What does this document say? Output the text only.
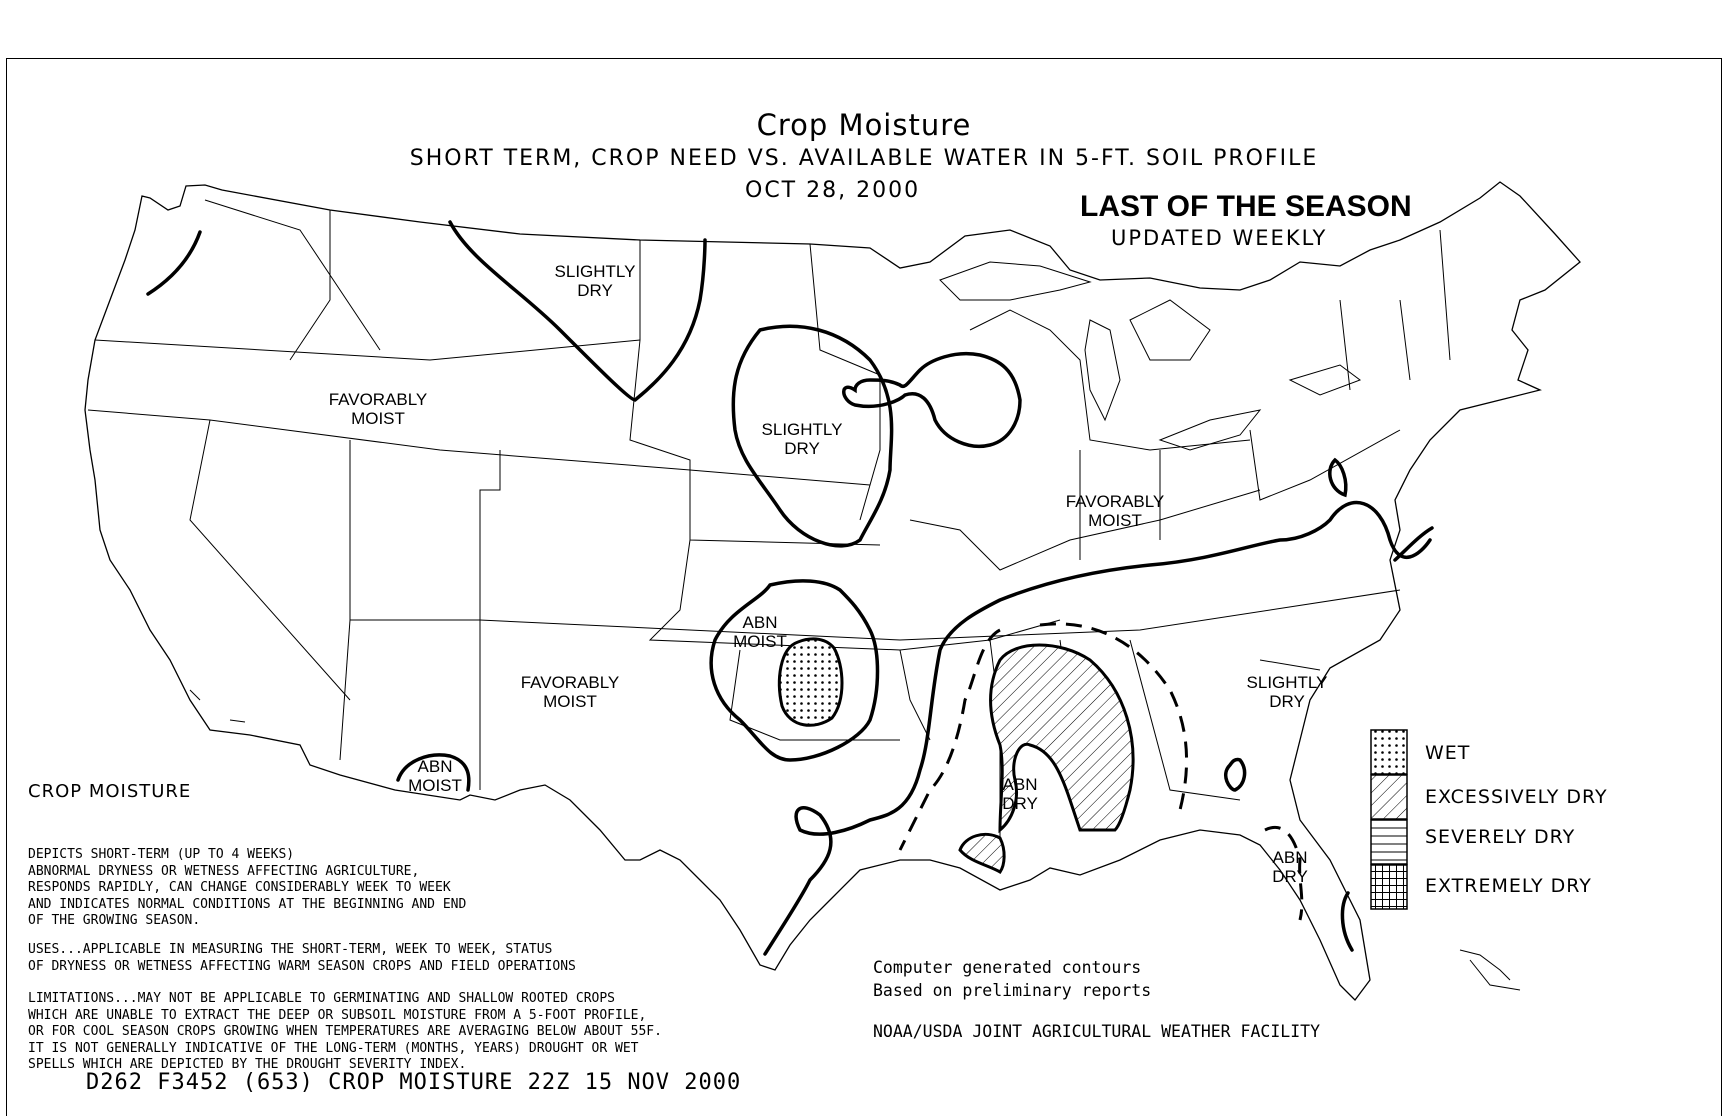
Crop Moisture
SHORT TERM, CROP NEED VS. AVAILABLE WATER IN 5-FT. SOIL PROFILE
OCT 28, 2000	LAST OF THE SEASON
UPDATED WEEKLY
SLIGHTLY
DRY
FAVORABLY
MOIST
SLIGHTLY
DRY
FAVORABLY
MOIST
ABN
MOIST
FAVORABLY
MOIST
ABN
MOIST	ABN
DRY
SLIGHTLY
DRY
ABN
DRY
WET
EXCESSIVELY DRY
SEVERELY DRY
EXTREMELY DRY
CROP MOISTURE

DEPICTS SHORT-TERM (UP TO 4 WEEKS)
ABNORMAL DRYNESS OR WETNESS AFFECTING AGRICULTURE,
RESPONDS RAPIDLY, CAN CHANGE CONSIDERABLY WEEK TO WEEK
AND INDICATES NORMAL CONDITIONS AT THE BEGINNING AND END
OF THE GROWING SEASON.

USES...APPLICABLE IN MEASURING THE SHORT-TERM, WEEK TO WEEK, STATUS
OF DRYNESS OR WETNESS AFFECTING WARM SEASON CROPS AND FIELD OPERATIONS

LIMITATIONS...MAY NOT BE APPLICABLE TO GERMINATING AND SHALLOW ROOTED CROPS
WHICH ARE UNABLE TO EXTRACT THE DEEP OR SUBSOIL MOISTURE FROM A 5-FOOT PROFILE,
OR FOR COOL SEASON CROPS GROWING WHEN TEMPERATURES ARE AVERAGING BELOW ABOUT 55F.
IT IS NOT GENERALLY INDICATIVE OF THE LONG-TERM (MONTHS, YEARS) DROUGHT OR WET
SPELLS WHICH ARE DEPICTED BY THE DROUGHT SEVERITY INDEX.

Computer generated contours
Based on preliminary reports
NOAA/USDA JOINT AGRICULTURAL WEATHER FACILITY
D262 F3452 (653) CROP MOISTURE 22Z 15 NOV 2000
